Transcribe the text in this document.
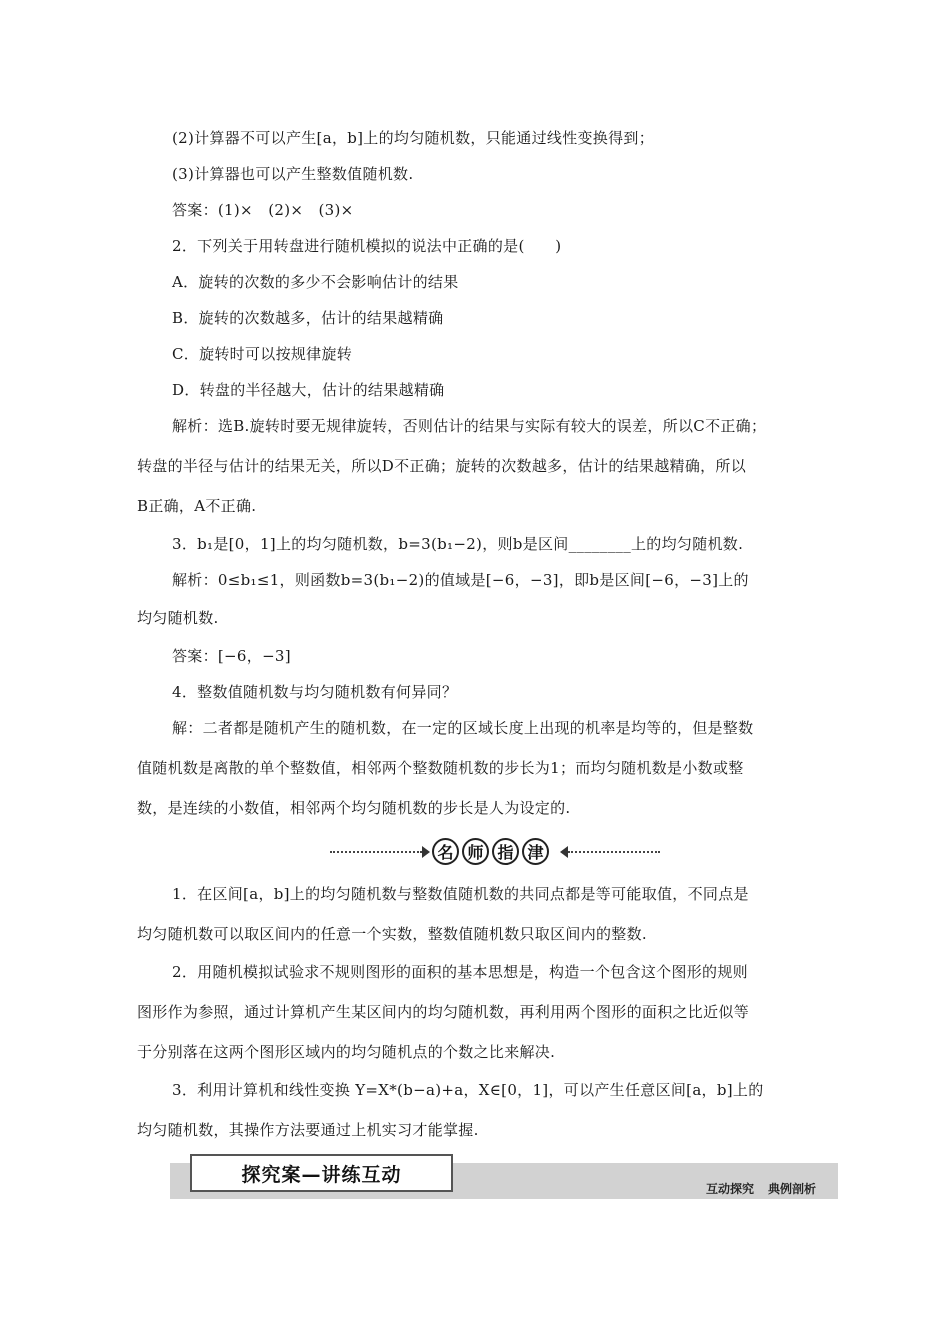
(2)计算器不可以产生[a，b]上的均匀随机数，只能通过线性变换得到；
(3)计算器也可以产生整数值随机数.
答案：(1)×　(2)×　(3)×
2．下列关于用转盘进行随机模拟的说法中正确的是(　　)
A．旋转的次数的多少不会影响估计的结果
B．旋转的次数越多，估计的结果越精确
C．旋转时可以按规律旋转
D．转盘的半径越大，估计的结果越精确
解析：选B.旋转时要无规律旋转，否则估计的结果与实际有较大的误差，所以C不正确；
转盘的半径与估计的结果无关，所以D不正确；旋转的次数越多，估计的结果越精确，所以
B正确，A不正确.
3．b₁是[0，1]上的均匀随机数，b=3(b₁−2)，则b是区间________上的均匀随机数.
解析：0≤b₁≤1，则函数b=3(b₁−2)的值域是[−6，−3]，即b是区间[−6，−3]上的
均匀随机数.
答案：[−6，−3]
4．整数值随机数与均匀随机数有何异同？
解：二者都是随机产生的随机数，在一定的区域长度上出现的机率是均等的，但是整数
值随机数是离散的单个整数值，相邻两个整数随机数的步长为1；而均匀随机数是小数或整
数，是连续的小数值，相邻两个均匀随机数的步长是人为设定的.
名 师 指 津
1．在区间[a，b]上的均匀随机数与整数值随机数的共同点都是等可能取值，不同点是
均匀随机数可以取区间内的任意一个实数，整数值随机数只取区间内的整数.
2．用随机模拟试验求不规则图形的面积的基本思想是，构造一个包含这个图形的规则
图形作为参照，通过计算机产生某区间内的均匀随机数，再利用两个图形的面积之比近似等
于分别落在这两个图形区域内的均匀随机点的个数之比来解决.
3．利用计算机和线性变换 Y=X*(b−a)+a，X∈[0，1]，可以产生任意区间[a，b]上的
均匀随机数，其操作方法要通过上机实习才能掌握.
探究案—讲练互动
互动探究 典例剖析
